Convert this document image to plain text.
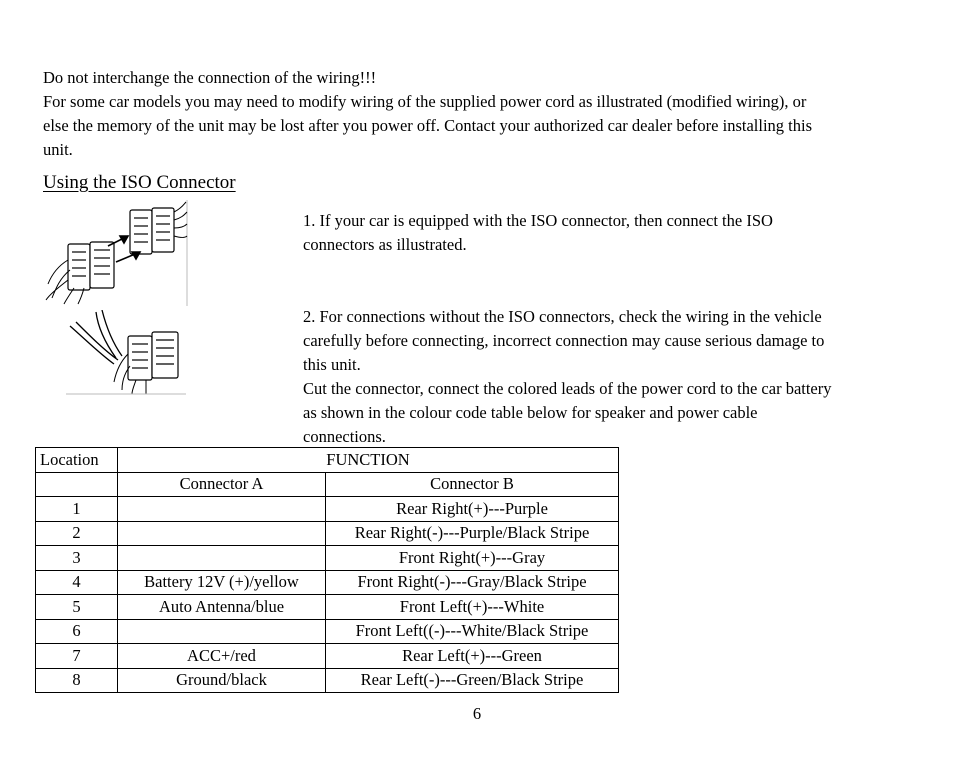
Do not interchange the connection of the wiring!!!
For some car models you may need to modify wiring of the supplied power cord as illustrated (modified wiring), or
else the memory of the unit may be lost after you power off. Contact your authorized car dealer before installing this
unit.
Using the ISO Connector
1. If your car is equipped with the ISO connector, then connect the ISO
connectors as illustrated.
2. For connections without the ISO connectors, check the wiring in the vehicle
carefully before connecting, incorrect connection may cause serious damage to
this unit.
Cut the connector, connect the colored leads of the power cord to the car battery
as shown in the colour code table below for speaker and power cable
connections.
Location	FUNCTION	
	Connector A	Connector B
1		Rear Right(+)---Purple
2		Rear Right(-)---Purple/Black Stripe
3		Front Right(+)---Gray
4	Battery 12V (+)/yellow	Front Right(-)---Gray/Black Stripe
5	Auto Antenna/blue	Front Left(+)---White
6		Front Left((-)---White/Black Stripe
7	ACC+/red	Rear Left(+)---Green
8	Ground/black	Rear Left(-)---Green/Black Stripe
6
